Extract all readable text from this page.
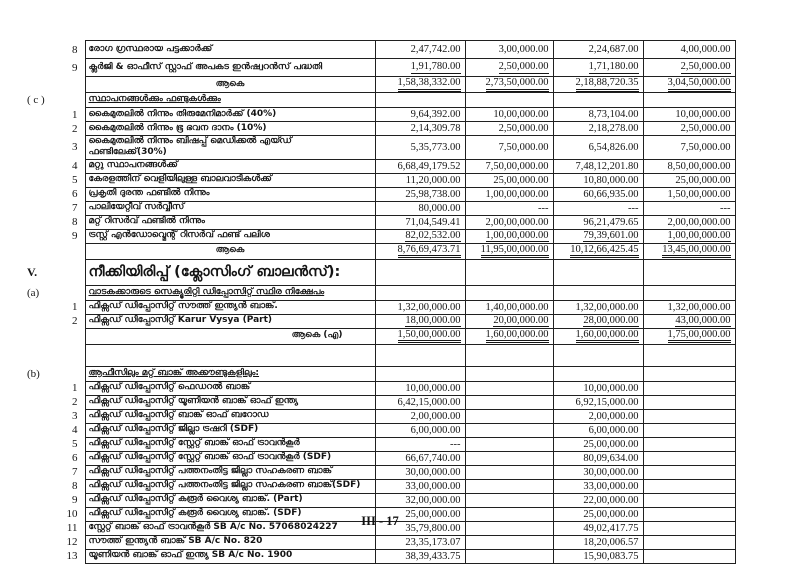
	8	രോഗ ഗ്രസ്ഥരായ പട്ടക്കാർക്ക്	2,47,742.00	3,00,000.00	2,24,687.00	4,00,000.00
	9	ക്ലർജി & ഓഫീസ് സ്റ്റാഫ് അപകട ഇൻഷ്വറൻസ് പദ്ധതി	1,91,780.00	2,50,000.00	1,71,180.00	2,50,000.00
		ആകെ	1,58,38,332.00	2,73,50,000.00	2,18,88,720.35	3,04,50,000.00
( c )		സ്ഥാപനങ്ങൾക്കും ഫണ്ടുകൾക്കും				
	1	കൈമുതലിൽ നിന്നും തിരുമേനിമാർക്ക് (40%)	9,64,392.00	10,00,000.00	8,73,104.00	10,00,000.00
	2	കൈമുതലിൽ നിന്നും ഭൂ ഭവന ദാനം (10%)	2,14,309.78	2,50,000.00	2,18,278.00	2,50,000.00
	3	കൈമുതലിൽ നിന്നും ബിഷപ്പ് മെഡിക്കൽ എയ്ഡ് ഫണ്ടിലേക്ക്(30%)	5,35,773.00	7,50,000.00	6,54,826.00	7,50,000.00
	4	മറ്റു സ്ഥാപനങ്ങൾക്ക്	6,68,49,179.52	7,50,00,000.00	7,48,12,201.80	8,50,00,000.00
	5	കേരളത്തിന് വെളിയിലുള്ള ബാലവാടികൾക്ക്	11,20,000.00	25,00,000.00	10,80,000.00	25,00,000.00
	6	പ്രകൃതി ദുരന്ത ഫണ്ടിൽ നിന്നും	25,98,738.00	1,00,00,000.00	60,66,935.00	1,50,00,000.00
	7	പാലിയേറ്റീവ് സർവ്വീസ്	80,000.00	---	---	---
	8	മറ്റ് റിസർവ് ഫണ്ടിൽ നിന്നും	71,04,549.41	2,00,00,000.00	96,21,479.65	2,00,00,000.00
	9	ട്രസ്റ്റ് എൻഡോവ്മെന്റ് റിസർവ് ഫണ്ട് പലിശ	82,02,532.00	1,00,00,000.00	79,39,601.00	1,00,00,000.00
		ആകെ	8,76,69,473.71	11,95,00,000.00	10,12,66,425.45	13,45,00,000.00
V.		നീക്കിയിരിപ്പ് (ക്ലോസിംഗ് ബാലൻസ്):				
(a)		വാടകക്കാരുടെ സെക്യൂരിറ്റി ഡിപ്പോസിറ്റ് സ്ഥിര നിക്ഷേപം				
	1	ഫിക്സഡ് ഡിപ്പോസിറ്റ് സൗത്ത് ഇന്ത്യൻ ബാങ്ക്.	1,32,00,000.00	1,40,00,000.00	1,32,00,000.00	1,32,00,000.00
	2	ഫിക്സഡ് ഡിപ്പോസിറ്റ് Karur Vysya (Part)	18,00,000.00	20,00,000.00	28,00,000.00	43,00,000.00
		ആകെ (എ)	1,50,00,000.00	1,60,00,000.00	1,60,00,000.00	1,75,00,000.00

(b)		ആഫീസിലും മറ്റ് ബാങ്ക് അക്കൗണ്ടുകളിലും:				
	1	ഫിക്സഡ് ഡിപ്പോസിറ്റ് ഫെഡറൽ ബാങ്ക്	10,00,000.00		10,00,000.00	
	2	ഫിക്സഡ് ഡിപ്പോസിറ്റ് യൂണിയൻ ബാങ്ക് ഓഫ് ഇന്ത്യ	6,42,15,000.00		6,92,15,000.00	
	3	ഫിക്സഡ് ഡിപ്പോസിറ്റ് ബാങ്ക് ഓഫ് ബറോഡ	2,00,000.00		2,00,000.00	
	4	ഫിക്സഡ് ഡിപ്പോസിറ്റ് ജില്ലാ ട്രഷറി (SDF)	6,00,000.00		6,00,000.00	
	5	ഫിക്സഡ് ഡിപ്പോസിറ്റ് സ്റ്റേറ്റ് ബാങ്ക് ഓഫ് ട്രാവൻകൂർ	---		25,00,000.00	
	6	ഫിക്സഡ് ഡിപ്പോസിറ്റ് സ്റ്റേറ്റ് ബാങ്ക് ഓഫ് ട്രാവൻകൂർ (SDF)	66,67,740.00		80,09,634.00	
	7	ഫിക്സഡ് ഡിപ്പോസിറ്റ് പത്തനംതിട്ട ജില്ലാ സഹകരണ ബാങ്ക്	30,00,000.00		30,00,000.00	
	8	ഫിക്സഡ് ഡിപ്പോസിറ്റ് പത്തനംതിട്ട ജില്ലാ സഹകരണ ബാങ്ക്(SDF)	33,00,000.00		33,00,000.00	
	9	ഫിക്സഡ് ഡിപ്പോസിറ്റ് കരൂർ വൈശ്യ ബാങ്ക്. (Part)	32,00,000.00		22,00,000.00	
	10	ഫിക്സഡ് ഡിപ്പോസിറ്റ് കരൂർ വൈശ്യ ബാങ്ക്. (SDF)	25,00,000.00		25,00,000.00	
	11	സ്റ്റേറ്റ് ബാങ്ക് ഓഫ് ട്രാവൻകൂർ SB A/c No. 57068024227	35,79,800.00		49,02,417.75	
	12	സൗത്ത് ഇന്ത്യൻ ബാങ്ക് SB A/c No. 820	23,35,173.07		18,20,006.57	
	13	യൂണിയൻ ബാങ്ക് ഓഫ് ഇന്ത്യ SB A/c No. 1900	38,39,433.75		15,90,083.75	
III - 17
